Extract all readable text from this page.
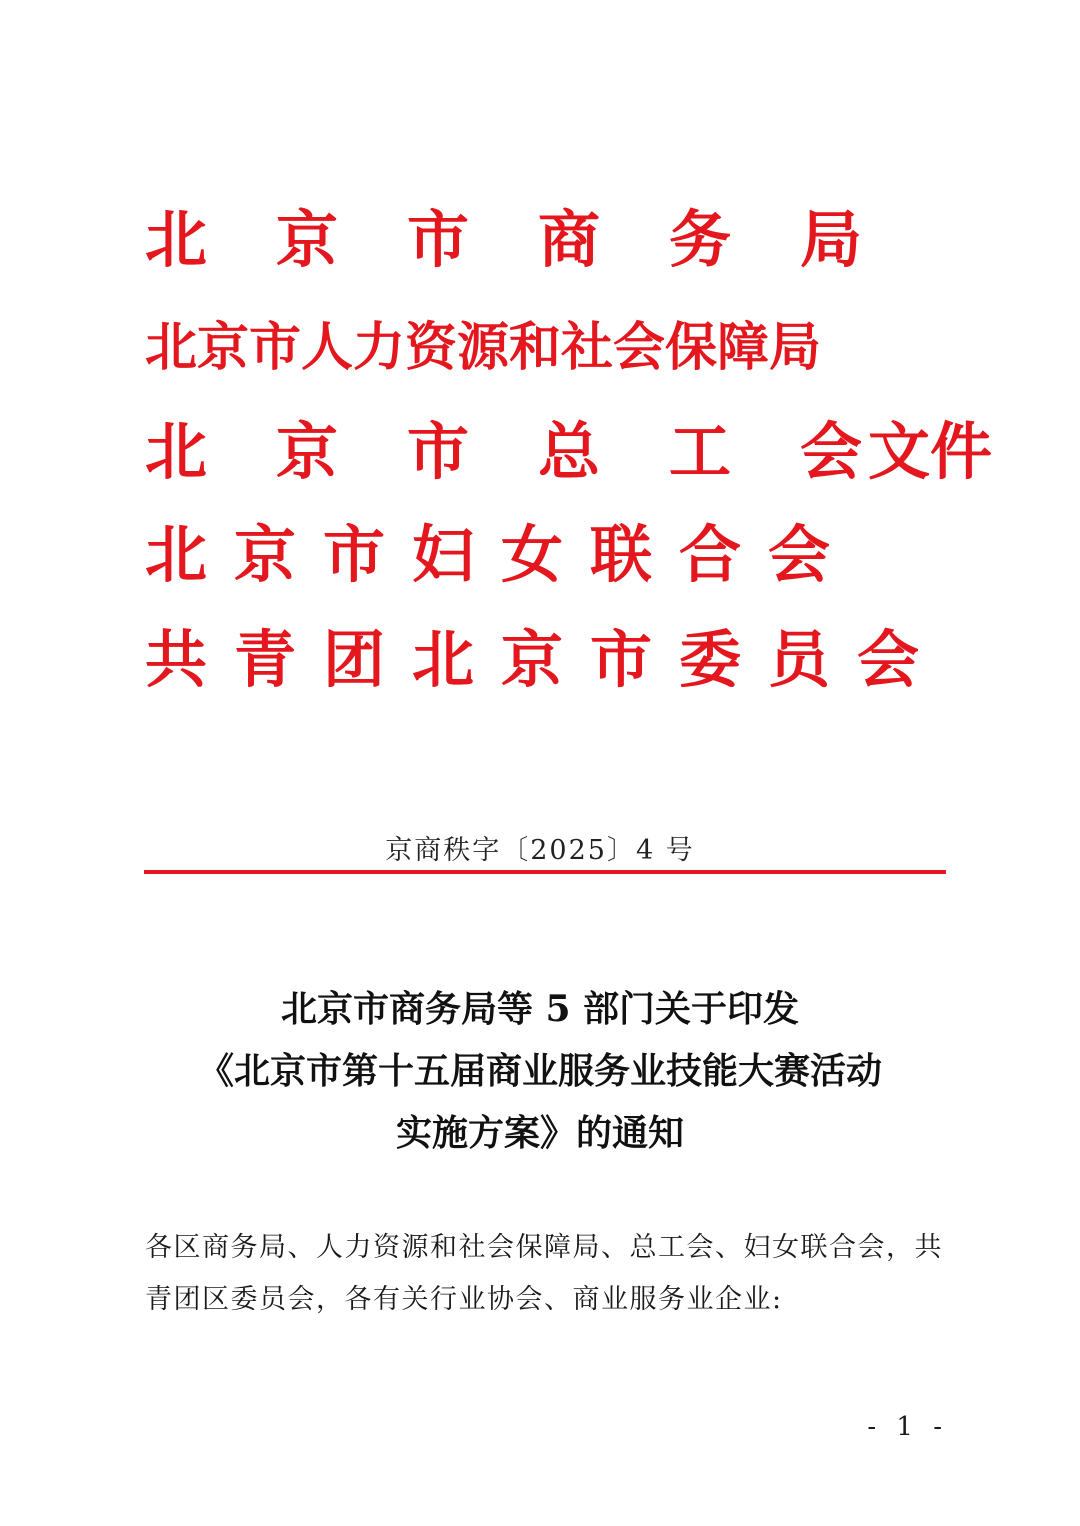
北 京 市 商 务 局
北京市人力资源和社会保障局
北 京 市 总 工 会文件
北 京 市 妇 女 联 合 会
共 青 团 北 京 市 委 员 会
京商秩字〔2025〕4 号
北京市商务局等 5 部门关于印发
《北京市第十五届商业服务业技能大赛活动
实施方案》的通知
各区商务局、人力资源和社会保障局、总工会、妇女联合会，共青团区委员会，各有关行业协会、商业服务业企业:
- 1 -
